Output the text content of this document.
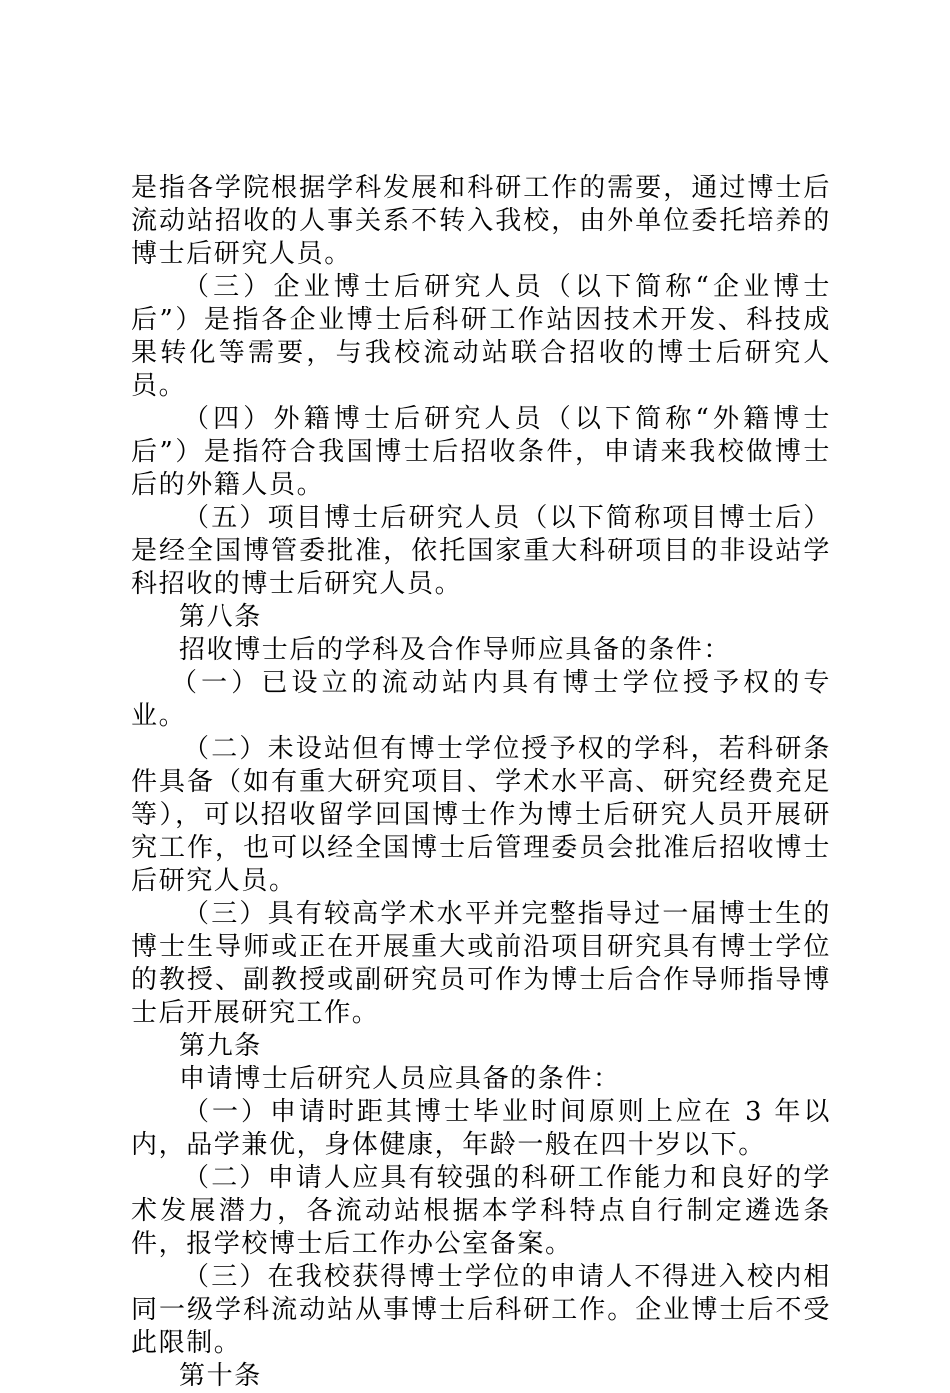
是指各学院根据学科发展和科研工作的需要，通过博士后流动站招收的人事关系不转入我校，由外单位委托培养的博士后研究人员。

（三）企业博士后研究人员（以下简称“企业博士后”）是指各企业博士后科研工作站因技术开发、科技成果转化等需要，与我校流动站联合招收的博士后研究人员。

（四）外籍博士后研究人员（以下简称“外籍博士后”）是指符合我国博士后招收条件，申请来我校做博士后的外籍人员。

（五）项目博士后研究人员（以下简称项目博士后）是经全国博管委批准，依托国家重大科研项目的非设站学科招收的博士后研究人员。

第八条

招收博士后的学科及合作导师应具备的条件：

（一）已设立的流动站内具有博士学位授予权的专业。

（二）未设站但有博士学位授予权的学科，若科研条件具备（如有重大研究项目、学术水平高、研究经费充足等），可以招收留学回国博士作为博士后研究人员开展研究工作，也可以经全国博士后管理委员会批准后招收博士后研究人员。

（三）具有较高学术水平并完整指导过一届博士生的博士生导师或正在开展重大或前沿项目研究具有博士学位的教授、副教授或副研究员可作为博士后合作导师指导博士后开展研究工作。

第九条

申请博士后研究人员应具备的条件：

（一）申请时距其博士毕业时间原则上应在 3 年以内，品学兼优，身体健康，年龄一般在四十岁以下。

（二）申请人应具有较强的科研工作能力和良好的学术发展潜力，各流动站根据本学科特点自行制定遴选条件，报学校博士后工作办公室备案。

（三）在我校获得博士学位的申请人不得进入校内相同一级学科流动站从事博士后科研工作。企业博士后不受此限制。

第十条
